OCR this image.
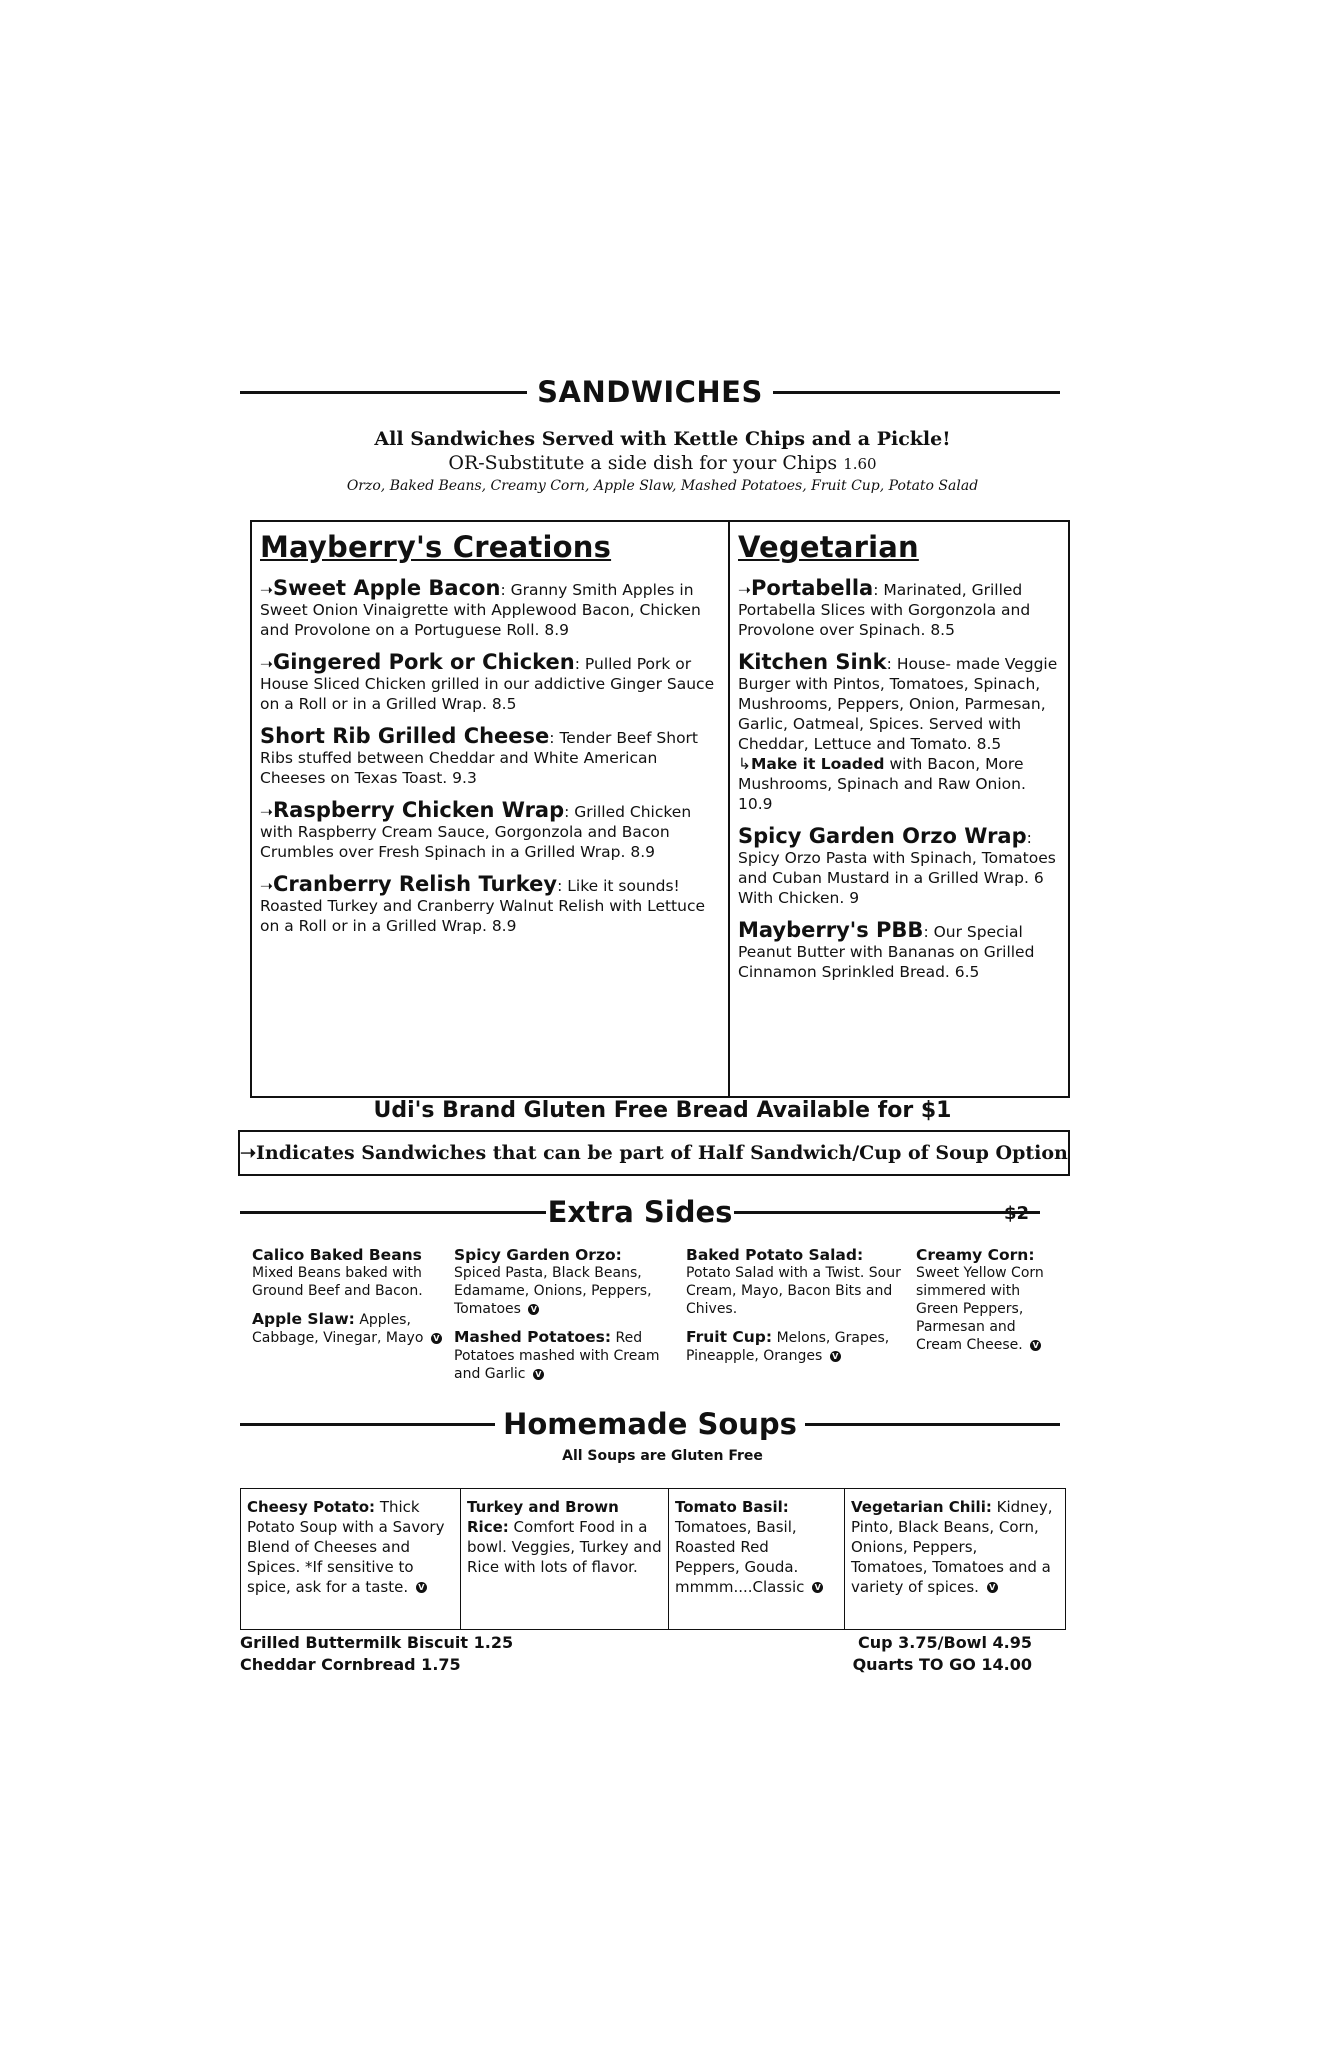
SANDWICHES
All Sandwiches Served with Kettle Chips and a Pickle!
OR-Substitute a side dish for your Chips 1.60
Orzo, Baked Beans, Creamy Corn, Apple Slaw, Mashed Potatoes, Fruit Cup, Potato Salad
Mayberry's Creations
➝Sweet Apple Bacon: Granny Smith Apples in Sweet Onion Vinaigrette with Applewood Bacon, Chicken and Provolone on a Portuguese Roll. 8.9
➝Gingered Pork or Chicken: Pulled Pork or House Sliced Chicken grilled in our addictive Ginger Sauce on a Roll or in a Grilled Wrap. 8.5
Short Rib Grilled Cheese: Tender Beef Short Ribs stuffed between Cheddar and White American Cheeses on Texas Toast. 9.3
➝Raspberry Chicken Wrap: Grilled Chicken with Raspberry Cream Sauce, Gorgonzola and Bacon Crumbles over Fresh Spinach in a Grilled Wrap. 8.9
➝Cranberry Relish Turkey: Like it sounds! Roasted Turkey and Cranberry Walnut Relish with Lettuce on a Roll or in a Grilled Wrap. 8.9
Vegetarian
➝Portabella: Marinated, Grilled Portabella Slices with Gorgonzola and Provolone over Spinach. 8.5
Kitchen Sink: House- made Veggie Burger with Pintos, Tomatoes, Spinach, Mushrooms, Peppers, Onion, Parmesan, Garlic, Oatmeal, Spices. Served with Cheddar, Lettuce and Tomato. 8.5
↳Make it Loaded with Bacon, More Mushrooms, Spinach and Raw Onion. 10.9
Spicy Garden Orzo Wrap: Spicy Orzo Pasta with Spinach, Tomatoes and Cuban Mustard in a Grilled Wrap. 6
With Chicken. 9
Mayberry's PBB: Our Special Peanut Butter with Bananas on Grilled Cinnamon Sprinkled Bread. 6.5
Udi's Brand Gluten Free Bread Available for $1
➝ Indicates Sandwiches that can be part of Half Sandwich/Cup of Soup Option
Extra Sides	$2
Calico Baked Beans
Mixed Beans baked with Ground Beef and Bacon.
Apple Slaw: Apples, Cabbage, Vinegar, Mayo V
Spicy Garden Orzo:
Spiced Pasta, Black Beans, Edamame, Onions, Peppers, Tomatoes V
Mashed Potatoes: Red Potatoes mashed with Cream and Garlic V
Baked Potato Salad:
Potato Salad with a Twist. Sour Cream, Mayo, Bacon Bits and Chives.
Fruit Cup: Melons, Grapes, Pineapple, Oranges V
Creamy Corn:
Sweet Yellow Corn simmered with Green Peppers, Parmesan and Cream Cheese. V
Homemade Soups
All Soups are Gluten Free
Cheesy Potato: Thick Potato Soup with a Savory Blend of Cheeses and Spices. *If sensitive to spice, ask for a taste. V
Turkey and Brown Rice: Comfort Food in a bowl. Veggies, Turkey and Rice with lots of flavor.
Tomato Basil: Tomatoes, Basil, Roasted Red Peppers, Gouda. mmmm....Classic V
Vegetarian Chili: Kidney, Pinto, Black Beans, Corn, Onions, Peppers, Tomatoes, Tomatoes and a variety of spices. V
Grilled Buttermilk Biscuit 1.25
Cheddar Cornbread 1.75
Cup 3.75/Bowl 4.95
Quarts TO GO 14.00
